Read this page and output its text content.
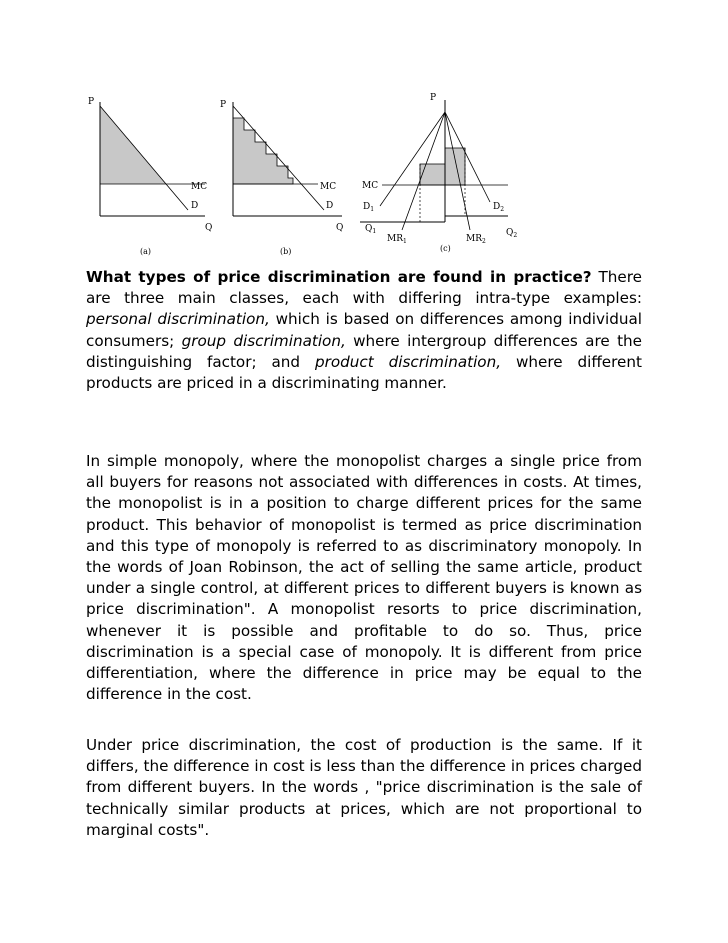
P
MC
D
Q
(a)
P
MC
D
Q
(b)
P
MC
$D_1$	$D_2$
$Q_1$	$Q_2$
$MR_1$	$MR_2$
(c)

What types of price discrimination are found in practice? There are three main classes, each with differing intra-type examples: personal discrimination, which is based on differences among individual consumers; group discrimination, where intergroup differences are the distinguishing factor; and product discrimination, where different products are priced in a discriminating manner.

In simple monopoly, where the monopolist charges a single price from all buyers for reasons not associated with differences in costs. At times, the monopolist is in a position to charge different prices for the same product. This behavior of monopolist is termed as price discrimination and this type of monopoly is referred to as discriminatory monopoly. In the words of Joan Robinson, the act of selling the same article, product under a single control, at different prices to different buyers is known as price discrimination". A monopolist resorts to price discrimination, whenever it is possible and profitable to do so. Thus, price discrimination is a special case of monopoly. It is different from price differentiation, where the difference in price may be equal to the difference in the cost.

Under price discrimination, the cost of production is the same. If it differs, the difference in cost is less than the difference in prices charged from different buyers. In the words , "price discrimination is the sale of technically similar products at prices, which are not proportional to marginal costs".
